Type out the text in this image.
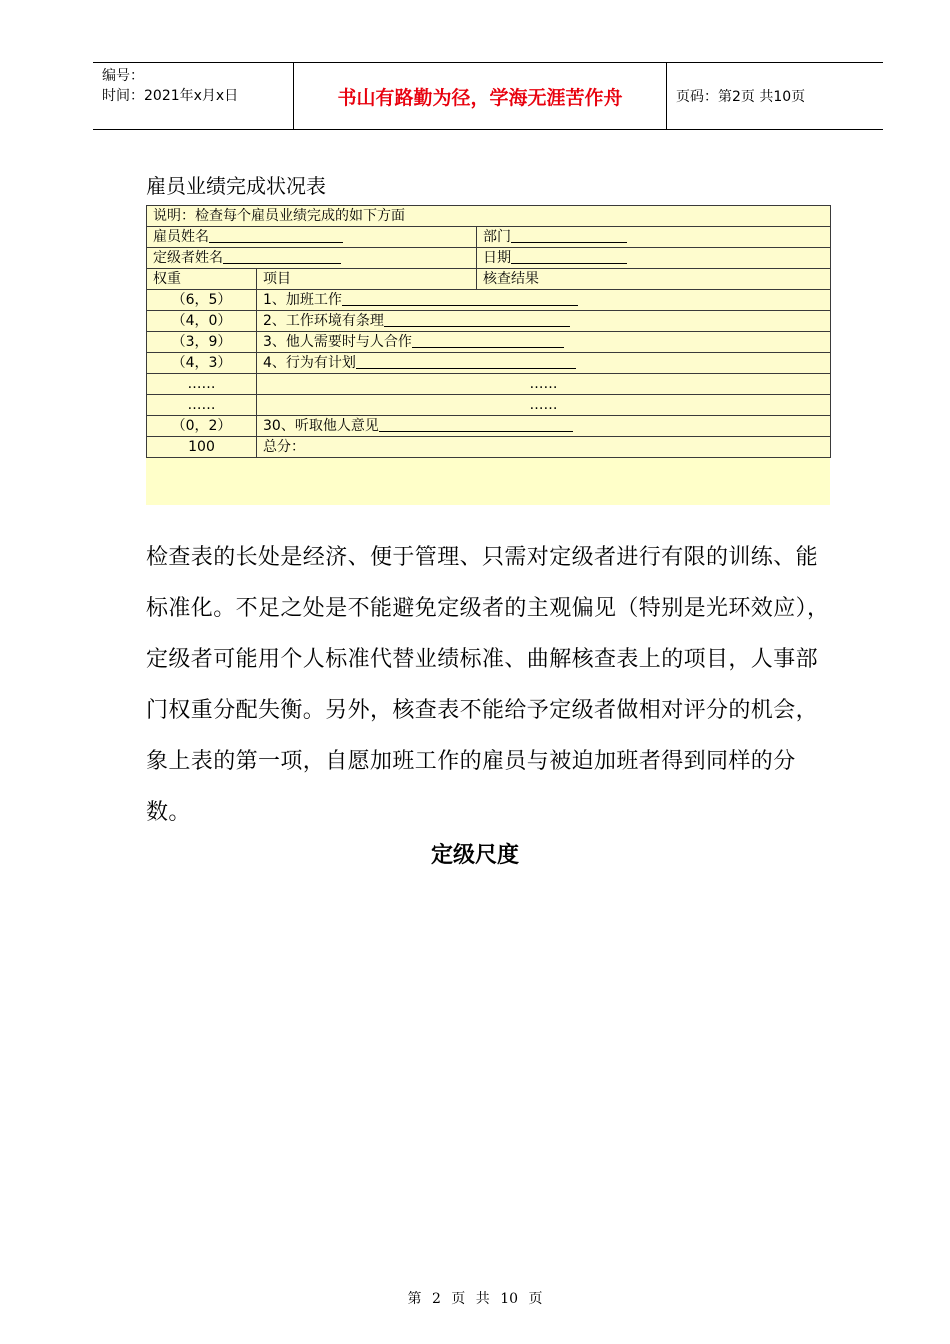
编号：
时间：2021年x月x日	书山有路勤为径，学海无涯苦作舟	页码：第2页 共10页
雇员业绩完成状况表
说明：检查每个雇员业绩完成的如下方面		
雇员姓名		部门
定级者姓名		日期
权重	项目	核查结果
（6，5）	1、加班工作	
（4，0）	2、工作环境有条理	
（3，9）	3、他人需要时与人合作	
（4，3）	4、行为有计划	
……	……	
……	……	
（0，2）	30、听取他人意见	
100	总分：	
检查表的长处是经济、便于管理、只需对定级者进行有限的训练、能标准化。不足之处是不能避免定级者的主观偏见（特别是光环效应），定级者可能用个人标准代替业绩标准、曲解核查表上的项目，人事部门权重分配失衡。另外，核查表不能给予定级者做相对评分的机会，象上表的第一项，自愿加班工作的雇员与被迫加班者得到同样的分数。
定级尺度
第 2 页 共 10 页
